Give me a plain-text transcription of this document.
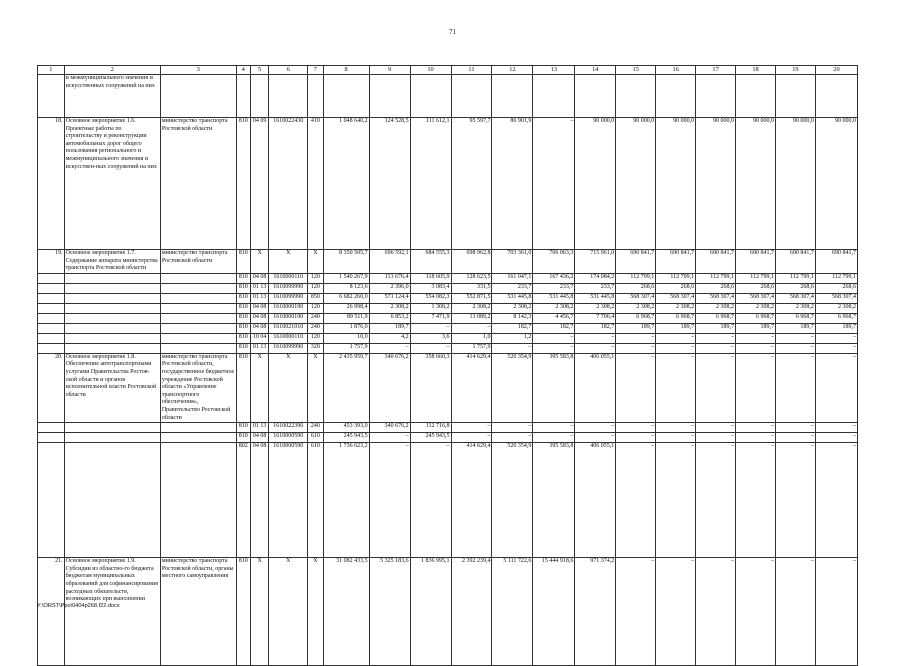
71
1	2	3	4	5	6	7	8	9	10	11	12	13	14	15	16	17	18	19	20
	и межмуниципального значения и искусственных сооружений на них																		
18.	Основное мероприятие 1.6. Проектные работы по строительству и реконструкции автомобильных дорог общего пользования регионального и межмуниципального значения и искусствен-ных сооружений на них	министерство транспорта Ростовской области	810	04 09	1610022430	410	1 048 640,2	124 528,5	111 612,1	95 597,7	86 901,9	–	90 000,0	90 000,0	90 000,0	90 000,0	90 000,0	90 000,0	90 000,0
19.	Основное мероприятие 1.7. Содержание аппарата министерства транспорта Ростовской области	министерство транспорта Ростовской области	810	X	X	X	8 350 505,7	696 592,1	684 555,3	698 962,8	703 361,0	706 063,3	715 961,0	690 841,7	690 841,7	690 841,7	690 841,7	690 841,7	690 841,7
			810	04 08	1610000110	120	1 540 267,9	113 676,4	118 605,9	128 623,5	161 047,1	167 436,2	174 084,2	112 799,1	112 799,1	112 799,1	112 799,1	112 799,1	112 799,1
			810	01 13	1610099990	120	8 123,6	2 396,0	3 083,4	331,5	233,7	233,7	233,7	268,6	268,6	268,6	268,6	268,6	268,6
			810	01 13	1610099990	850	6 682 260,0	571 124,4	554 082,3	552 871,5	531 445,8	531 445,8	531 445,8	568 307,4	568 307,4	568 307,4	568 307,4	568 307,4	568 307,4
			810	04 08	1610000190	120	26 998,4	2 308,2	1 308,2	2 308,2	2 308,2	2 308,2	2 308,2	2 308,2	2 308,2	2 308,2	2 308,2	2 308,2	2 308,2
			810	04 08	1610000190	240	89 511,9	6 853,2	7 471,9	13 089,2	8 142,3	4 456,7	7 706,4	6 968,7	6 968,7	6 968,7	6 968,7	6 968,7	6 968,7
			810	04 08	1610021010	240	1 876,0	189,7	–	–	182,7	182,7	182,7	189,7	189,7	189,7	189,7	189,7	189,7
			810	10 04	1610000110	120	10,0	4,2	3,6	1,0	1,2	–	–	–	–	–	–	–	–
			810	01 13	1610099990	320	1 757,9	–	–	1 757,9	–	–	–	–	–	–	–	–	–
20.	Основное мероприятие 1.8. Обеспечение автотранспортными услугами Правительства Ростов-ской области и органов исполнительной власти Ростовской области	министерство транспорта Ростовской области, государственное бюджетное учреждение Ростовской области «Управление транспортного обеспечения», Правительство Ростовской области	810	X	X	X	2 435 959,7	340 676,2	358 660,3	414 629,4	520 354,9	395 583,8	406 055,1	–	–	–	–	–	–
			810	01 13	1610022390	240	453 393,0	340 676,2	112 716,8	–	–	–	–	–	–	–	–	–	–
			810	04 08	1610000590	610	245 943,5	–	245 943,5	–	–	–	–	–	–	–	–	–	–
			802	04 08	1610000590	610	1 736 623,2	–	–	414 629,4	520 354,9	395 583,8	406 055,1	–	–	–	–	–	–
21.	Основное мероприятие 1.9. Субсидии из областно-го бюджета бюджетам муниципальных образований для софинансирования расходных обязательств, возникающих при выполнении	министерство транспорта Ростовской области, органы местного самоуправления	810	X	X	X	31 082 433,5	5 325 183,6	1 836 995,1	2 392 239,4	5 111 722,6	15 444 918,6	971 374,2	–	–	–	–	–	–
Y:\ORST\Ppo\0404p268.f22.docx
